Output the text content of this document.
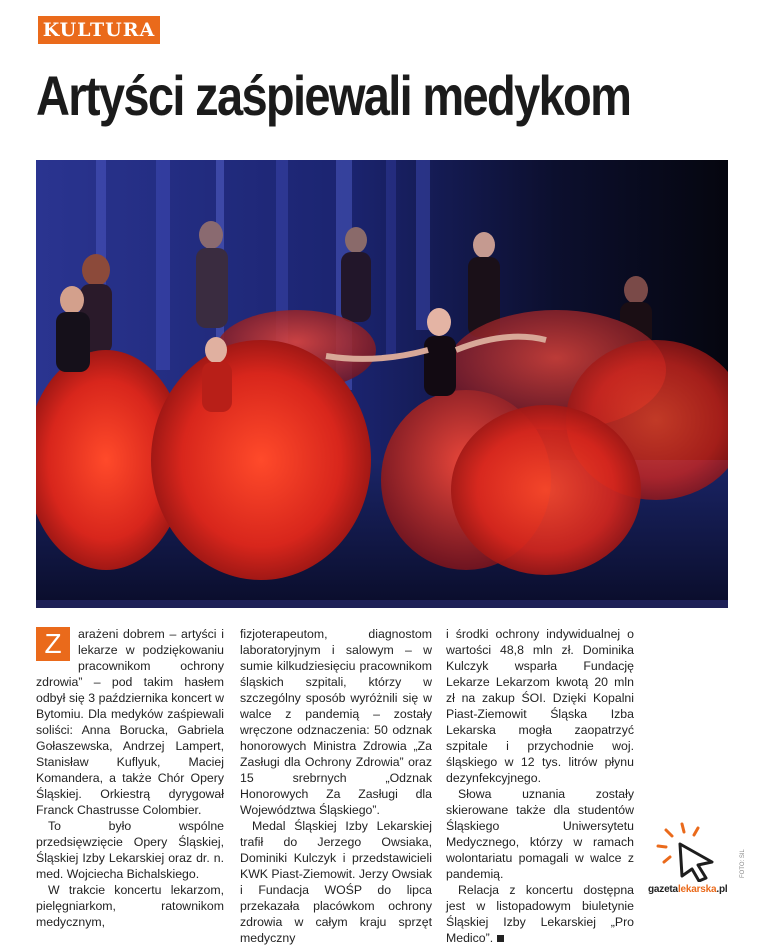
KULTURA
Artyści zaśpiewali medykom

Z	arażeni dobrem – artyści i lekarze w podziękowaniu pracownikom ochrony zdrowia” – pod takim hasłem odbył się 3 października koncert w Bytomiu. Dla medyków zaśpiewali soliści: Anna Borucka, Gabriela Gołaszewska, Andrzej Lampert, Stanisław Kuflyuk, Maciej Komandera, a także Chór Opery Śląskiej. Orkiestrą dyrygował Franck Chastrusse Colombier.

To było wspólne przedsięwzięcie Opery Śląskiej, Śląskiej Izby Lekarskiej oraz dr. n. med. Wojciecha Bichalskiego.

W trakcie koncertu lekarzom, pielęgniarkom, ratownikom medycznym,

fizjoterapeutom, diagnostom laboratoryjnym i salowym – w sumie kilkudziesięciu pracownikom śląskich szpitali, którzy w szczególny sposób wyróżnili się w walce z pandemią – zostały wręczone odznaczenia: 50 odznak honorowych Ministra Zdrowia „Za Zasługi dla Ochrony Zdrowia” oraz 15 srebrnych „Odznak Honorowych Za Zasługi dla Województwa Śląskiego”.

Medal Śląskiej Izby Lekarskiej trafił do Jerzego Owsiaka, Dominiki Kulczyk i przedstawicieli KWK Piast-Ziemowit. Jerzy Owsiak i Fundacja WOŚP do lipca przekazała placówkom ochrony zdrowia w całym kraju sprzęt medyczny

i środki ochrony indywidualnej o wartości 48,8 mln zł. Dominika Kulczyk wsparła Fundację Lekarze Lekarzom kwotą 20 mln zł na zakup ŚOI. Dzięki Kopalni Piast-Ziemowit Śląska Izba Lekarska mogła zaopatrzyć szpitale i przychodnie woj. śląskiego w 12 tys. litrów płynu dezynfekcyjnego.

Słowa uznania zostały skierowane także dla studentów Śląskiego Uniwersytetu Medycznego, którzy w ramach wolontariatu pomagali w walce z pandemią.

Relacja z koncertu dostępna jest w listopadowym biuletynie Śląskiej Izby Lekarskiej „Pro Medico”.

gazetalekarska.pl
FOTO: SIL
